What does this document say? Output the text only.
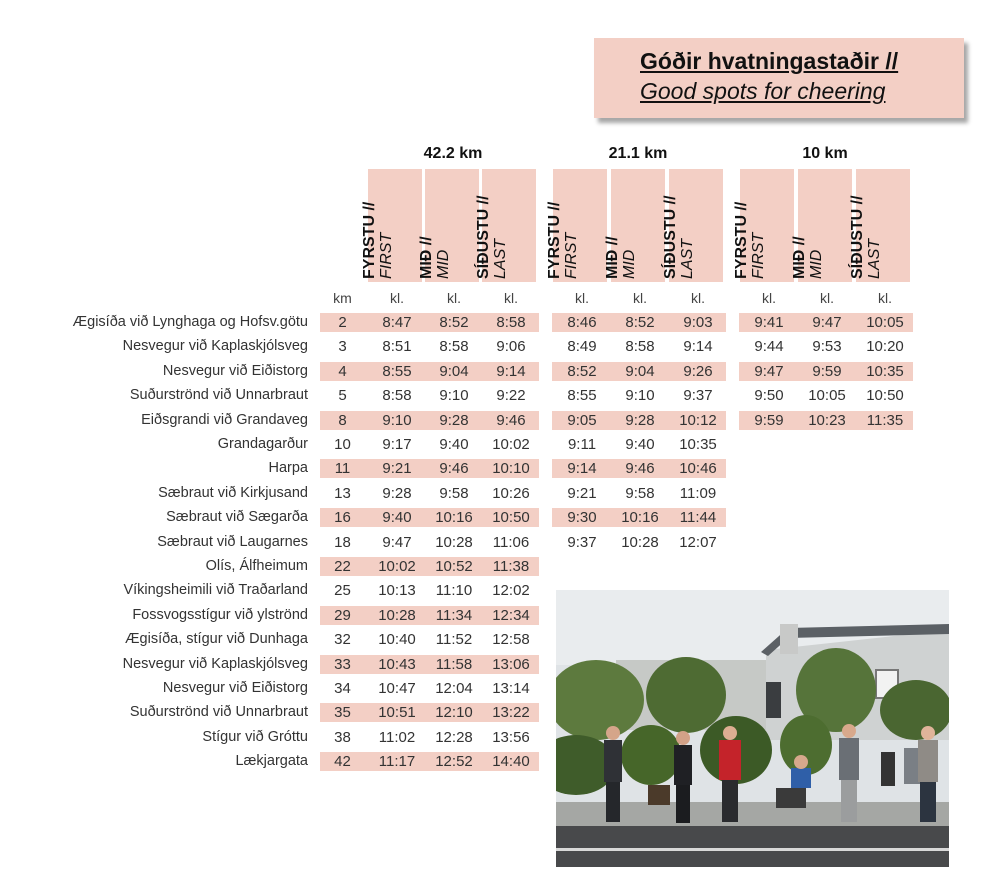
Góðir hvatningastaðir //
Good spots for cheering
42.2 km	21.1 km	10 km
FYRSTU // FIRST MIÐ // MID SÍÐUSTU // LAST FYRSTU // FIRST MIÐ // MID SÍÐUSTU // LAST FYRSTU // FIRST MIÐ // MID SÍÐUSTU // LAST
km	kl.	kl.	kl.	kl.	kl.	kl.	kl.	kl.	kl.
Ægisíða við Lynghaga og Hofsv.götu	2	8:47	8:52	8:58	8:46	8:52	9:03	9:41	9:47	10:05
Nesvegur við Kaplaskjólsveg	3	8:51	8:58	9:06	8:49	8:58	9:14	9:44	9:53	10:20
Nesvegur við Eiðistorg	4	8:55	9:04	9:14	8:52	9:04	9:26	9:47	9:59	10:35
Suðurströnd við Unnarbraut	5	8:58	9:10	9:22	8:55	9:10	9:37	9:50	10:05	10:50
Eiðsgrandi við Grandaveg	8	9:10	9:28	9:46	9:05	9:28	10:12	9:59	10:23	11:35
Grandagarður	10	9:17	9:40	10:02	9:11	9:40	10:35
Harpa	11	9:21	9:46	10:10	9:14	9:46	10:46
Sæbraut við Kirkjusand	13	9:28	9:58	10:26	9:21	9:58	11:09
Sæbraut við Sægarða	16	9:40	10:16	10:50	9:30	10:16	11:44
Sæbraut við Laugarnes	18	9:47	10:28	11:06	9:37	10:28	12:07
Olís, Álfheimum	22	10:02	10:52	11:38
Víkingsheimili við Traðarland	25	10:13	11:10	12:02
Fossvogsstígur við ylströnd	29	10:28	11:34	12:34
Ægisíða, stígur við Dunhaga	32	10:40	11:52	12:58
Nesvegur við Kaplaskjólsveg	33	10:43	11:58	13:06
Nesvegur við Eiðistorg	34	10:47	12:04	13:14
Suðurströnd við Unnarbraut	35	10:51	12:10	13:22
Stígur við Gróttu	38	11:02	12:28	13:56
Lækjargata	42	11:17	12:52	14:40
